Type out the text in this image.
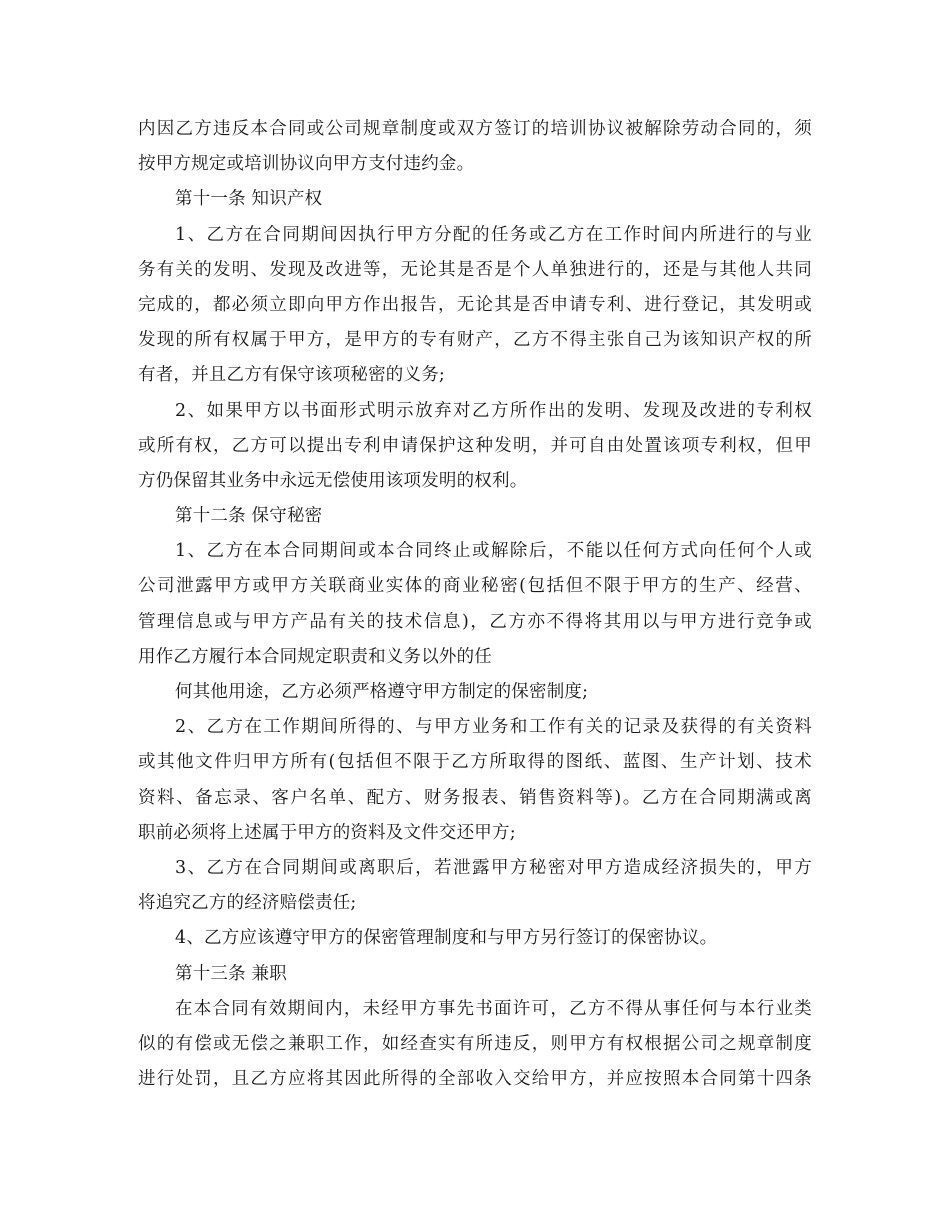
内因乙方违反本合同或公司规章制度或双方签订的培训协议被解除劳动合同的，须
按甲方规定或培训协议向甲方支付违约金。
第十一条 知识产权
1、乙方在合同期间因执行甲方分配的任务或乙方在工作时间内所进行的与业
务有关的发明、发现及改进等，无论其是否是个人单独进行的，还是与其他人共同
完成的，都必须立即向甲方作出报告，无论其是否申请专利、进行登记，其发明或
发现的所有权属于甲方，是甲方的专有财产，乙方不得主张自己为该知识产权的所
有者，并且乙方有保守该项秘密的义务;
2、如果甲方以书面形式明示放弃对乙方所作出的发明、发现及改进的专利权
或所有权，乙方可以提出专利申请保护这种发明，并可自由处置该项专利权，但甲
方仍保留其业务中永远无偿使用该项发明的权利。
第十二条 保守秘密
1、乙方在本合同期间或本合同终止或解除后，不能以任何方式向任何个人或
公司泄露甲方或甲方关联商业实体的商业秘密(包括但不限于甲方的生产、经营、
管理信息或与甲方产品有关的技术信息)，乙方亦不得将其用以与甲方进行竞争或
用作乙方履行本合同规定职责和义务以外的任
何其他用途，乙方必须严格遵守甲方制定的保密制度;
2、乙方在工作期间所得的、与甲方业务和工作有关的记录及获得的有关资料
或其他文件归甲方所有(包括但不限于乙方所取得的图纸、蓝图、生产计划、技术
资料、备忘录、客户名单、配方、财务报表、销售资料等)。乙方在合同期满或离
职前必须将上述属于甲方的资料及文件交还甲方;
3、乙方在合同期间或离职后，若泄露甲方秘密对甲方造成经济损失的，甲方
将追究乙方的经济赔偿责任;
4、乙方应该遵守甲方的保密管理制度和与甲方另行签订的保密协议。
第十三条 兼职
在本合同有效期间内，未经甲方事先书面许可，乙方不得从事任何与本行业类
似的有偿或无偿之兼职工作，如经查实有所违反，则甲方有权根据公司之规章制度
进行处罚，且乙方应将其因此所得的全部收入交给甲方，并应按照本合同第十四条
